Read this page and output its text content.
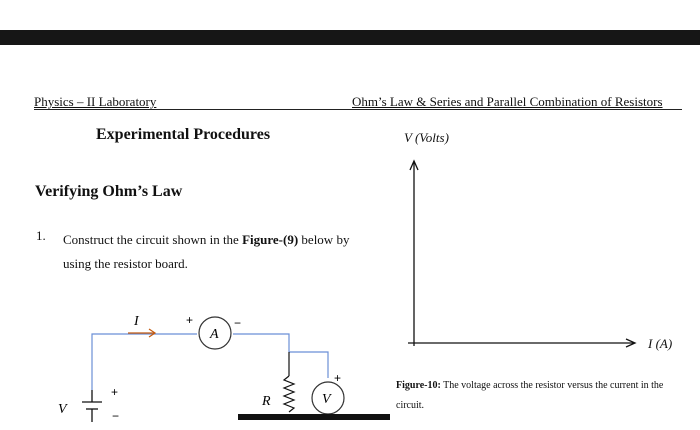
Physics – II Laboratory	Ohm’s Law & Series and Parallel Combination of Resistors
Experimental Procedures
Verifying Ohm’s Law
1. Construct the circuit shown in the Figure-(9) below by using the resistor board.
V (Volts)
I (A)
Figure-10: The voltage across the resistor versus the current in the circuit.
I
A
+	−
R	V
+
+
−
V
